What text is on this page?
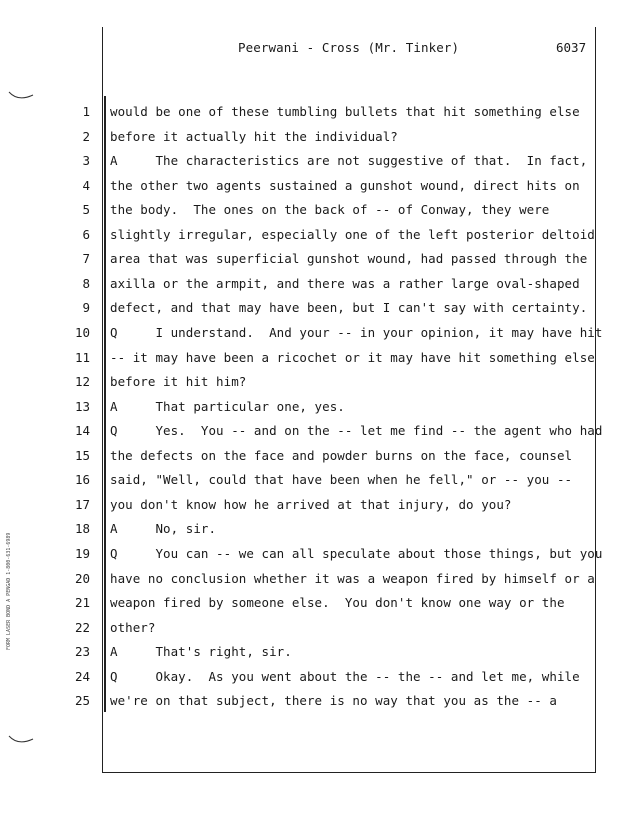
Peerwani - Cross (Mr. Tinker)	6037
FORM LASER BOND A PENGAD 1-800-631-6989
1 would be one of these tumbling bullets that hit something else
2 before it actually hit the individual?
3 A     The characteristics are not suggestive of that.  In fact,
4 the other two agents sustained a gunshot wound, direct hits on
5 the body.  The ones on the back of -- of Conway, they were
6 slightly irregular, especially one of the left posterior deltoid
7 area that was superficial gunshot wound, had passed through the
8 axilla or the armpit, and there was a rather large oval-shaped
9 defect, and that may have been, but I can't say with certainty.
10 Q     I understand.  And your -- in your opinion, it may have hit
11 -- it may have been a ricochet or it may have hit something else
12 before it hit him?
13 A     That particular one, yes.
14 Q     Yes.  You -- and on the -- let me find -- the agent who had
15 the defects on the face and powder burns on the face, counsel
16 said, "Well, could that have been when he fell," or -- you --
17 you don't know how he arrived at that injury, do you?
18 A     No, sir.
19 Q     You can -- we can all speculate about those things, but you
20 have no conclusion whether it was a weapon fired by himself or a
21 weapon fired by someone else.  You don't know one way or the
22 other?
23 A     That's right, sir.
24 Q     Okay.  As you went about the -- the -- and let me, while
25 we're on that subject, there is no way that you as the -- a
